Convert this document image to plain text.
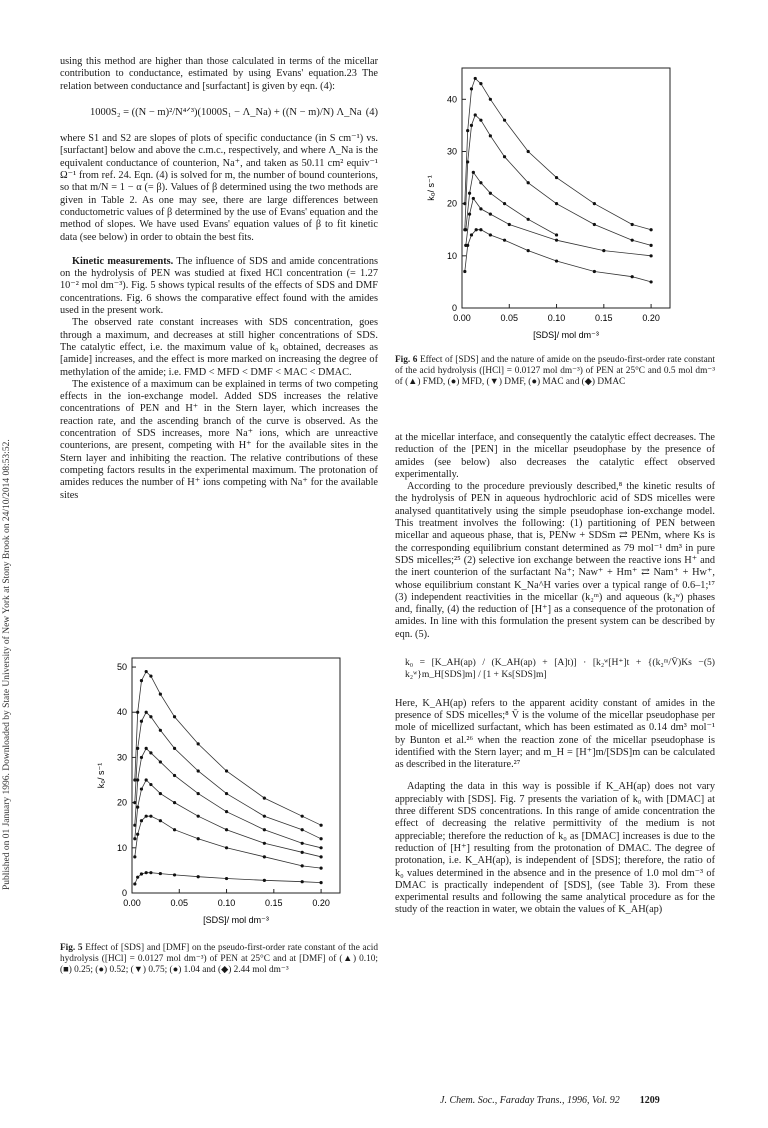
Published on 01 January 1996. Downloaded by State University of New York at Stony Brook on 24/10/2014 08:53:52.

using this method are higher than those calculated in terms of the micellar contribution to conductance, estimated by using Evans' equation.23 The relation between conductance and [surfactant] is given by eqn. (4):

1000S₂ = ((N − m)²/N⁴ᐟ³)(1000S₁ − Λ_Na) + ((N − m)/N) Λ_Na (4)

where S1 and S2 are slopes of plots of specific conductance (in S cm⁻¹) vs. [surfactant] below and above the c.m.c., respectively, and where Λ_Na is the equivalent conductance of counterion, Na⁺, and taken as 50.11 cm² equiv⁻¹ Ω⁻¹ from ref. 24. Eqn. (4) is solved for m, the number of bound counterions, so that m/N = 1 − α (= β). Values of β determined using the two methods are given in Table 2. As one may see, there are large differences between conductometric values of β determined by the use of Evans' equation and the method of slopes. We have used Evans' equation values of β to fit kinetic data (see below) in order to obtain the best fits.

Kinetic measurements. The influence of SDS and amide concentrations on the hydrolysis of PEN was studied at fixed HCl concentration (= 1.27 10⁻² mol dm⁻³). Fig. 5 shows typical results of the effects of SDS and DMF concentrations. Fig. 6 shows the comparative effect found with the amides used in the present work.

The observed rate constant increases with SDS concentration, goes through a maximum, and decreases at still higher concentrations of SDS. The catalytic effect, i.e. the maximum value of k₀ obtained, decreases as [amide] increases, and the effect is more marked on increasing the degree of methylation of the amide; i.e. FMD < MFD < DMF < MAC < DMAC.

The existence of a maximum can be explained in terms of two competing effects in the ion-exchange model. Added SDS increases the relative concentrations of PEN and H⁺ in the Stern layer, which increases the reaction rate, and the ascending branch of the curve is observed. As the concentration of SDS increases, more Na⁺ ions, which are unreactive counterions, are present, competing with H⁺ for the available sites in the Stern layer and inhibiting the reaction. The relative contributions of these competing factors results in the experimental maximum. The protonation of amides reduces the number of H⁺ ions competing with Na⁺ for the available sites

0.00	0.05	0.10	0.15	0.20
0
10
20
30
40
[SDS]/ mol dm⁻³
k₀/ s⁻¹
Fig. 6 Effect of [SDS] and the nature of amide on the pseudo-first-order rate constant of the acid hydrolysis ([HCl] = 0.0127 mol dm⁻³) of PEN at 25°C and 0.5 mol dm⁻³ of (▲) FMD, (●) MFD, (▼) DMF, (●) MAC and (◆) DMAC
0.00	0.05	0.10	0.15	0.20
0
10
20
30
40
50
[SDS]/ mol dm⁻³
k₀/ s⁻¹
Fig. 5 Effect of [SDS] and [DMF] on the pseudo-first-order rate constant of the acid hydrolysis ([HCl] = 0.0127 mol dm⁻³) of PEN at 25°C and at [DMF] of (▲) 0.10; (■) 0.25; (●) 0.52; (▼) 0.75; (●) 1.04 and (◆) 2.44 mol dm⁻³

at the micellar interface, and consequently the catalytic effect decreases. The reduction of the [PEN] in the micellar pseudophase by the presence of amides (see below) also decreases the catalytic effect observed experimentally.

According to the procedure previously described,⁸ the kinetic results of the hydrolysis of PEN in aqueous hydrochloric acid of SDS micelles were analysed quantitatively using the simple pseudophase ion-exchange model. This treatment involves the following: (1) partitioning of PEN between micellar and aqueous phase, that is, PENw + SDSm ⇄ PENm, where Ks is the corresponding equilibrium constant determined as 79 mol⁻¹ dm³ in pure SDS micelles;²⁵ (2) selective ion exchange between the reactive ions H⁺ and the inert counterion of the surfactant Na⁺; Naw⁺ + Hm⁺ ⇄ Nam⁺ + Hw⁺, whose equilibrium constant K_Na^H varies over a typical range of 0.6–1;¹⁷ (3) independent reactivities in the micellar (k₂ᵐ) and aqueous (k₂ʷ) phases and, finally, (4) the reduction of [H⁺] as a consequence of the protonation of amides. In line with this formulation the present system can be described by eqn. (5).

k₀ = [K_AH(ap) / (K_AH(ap) + [A]t)] · [k₂ʷ[H⁺]t + {(k₂ᵐ/V̄)Ks − k₂ʷ}m_H[SDS]m] / [1 + Ks[SDS]m]
(5)

Here, K_AH(ap) refers to the apparent acidity constant of amides in the presence of SDS micelles;⁸ V̄ is the volume of the micellar pseudophase per mole of micellized surfactant, which has been estimated as 0.14 dm³ mol⁻¹ by Bunton et al.²⁶ when the reaction zone of the micellar pseudophase is identified with the Stern layer; and m_H = [H⁺]m/[SDS]m can be calculated as described in the literature.²⁷

Adapting the data in this way is possible if K_AH(ap) does not vary appreciably with [SDS]. Fig. 7 presents the variation of k₀ with [DMAC] at three different SDS concentrations. In this range of amide concentration the effect of decreasing the relative permittivity of the medium is not appreciable; therefore the reduction of k₀ as [DMAC] increases is due to the reduction of [H⁺] resulting from the protonation of DMAC. The degree of protonation, i.e. K_AH(ap), is independent of [SDS]; therefore, the ratio of k₀ values determined in the absence and in the presence of 1.0 mol dm⁻³ of DMAC is practically independent of [SDS], (see Table 3). From these experimental results and following the same analytical procedure as for the study of the reaction in water, we obtain the values of K_AH(ap)

J. Chem. Soc., Faraday Trans., 1996, Vol. 92 1209
